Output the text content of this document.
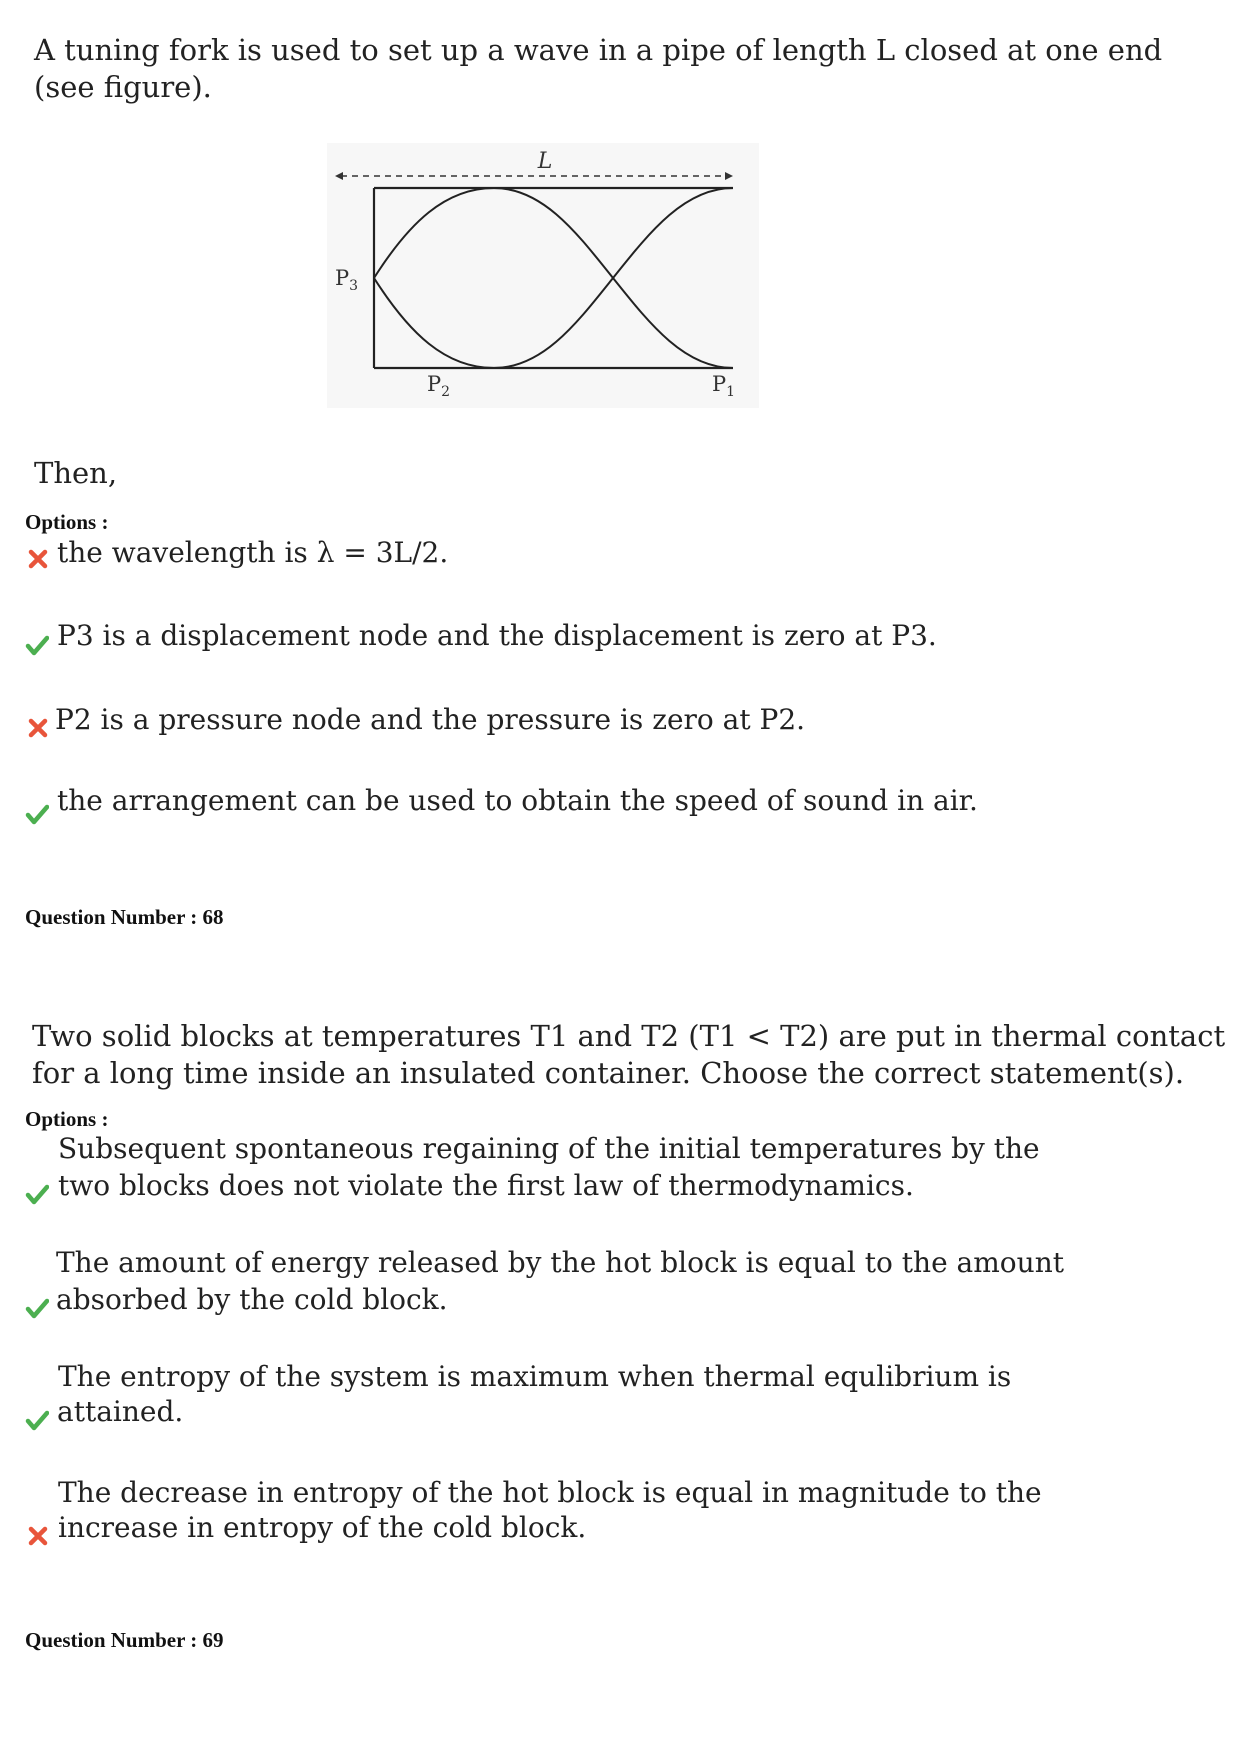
A tuning fork is used to set up a wave in a pipe of length L closed at one end
(see figure).
L
$P_3$
$P_2$	$P_1$
Then,
Options :
the wavelength is λ = 3L/2.
P3 is a displacement node and the displacement is zero at P3.
P2 is a pressure node and the pressure is zero at P2.
the arrangement can be used to obtain the speed of sound in air.
Question Number : 68
Two solid blocks at temperatures T1 and T2 (T1 < T2) are put in thermal contact
for a long time inside an insulated container. Choose the correct statement(s).
Options :
Subsequent spontaneous regaining of the initial temperatures by the
two blocks does not violate the first law of thermodynamics.
The amount of energy released by the hot block is equal to the amount
absorbed by the cold block.
The entropy of the system is maximum when thermal equlibrium is
attained.
The decrease in entropy of the hot block is equal in magnitude to the
increase in entropy of the cold block.
Question Number : 69
